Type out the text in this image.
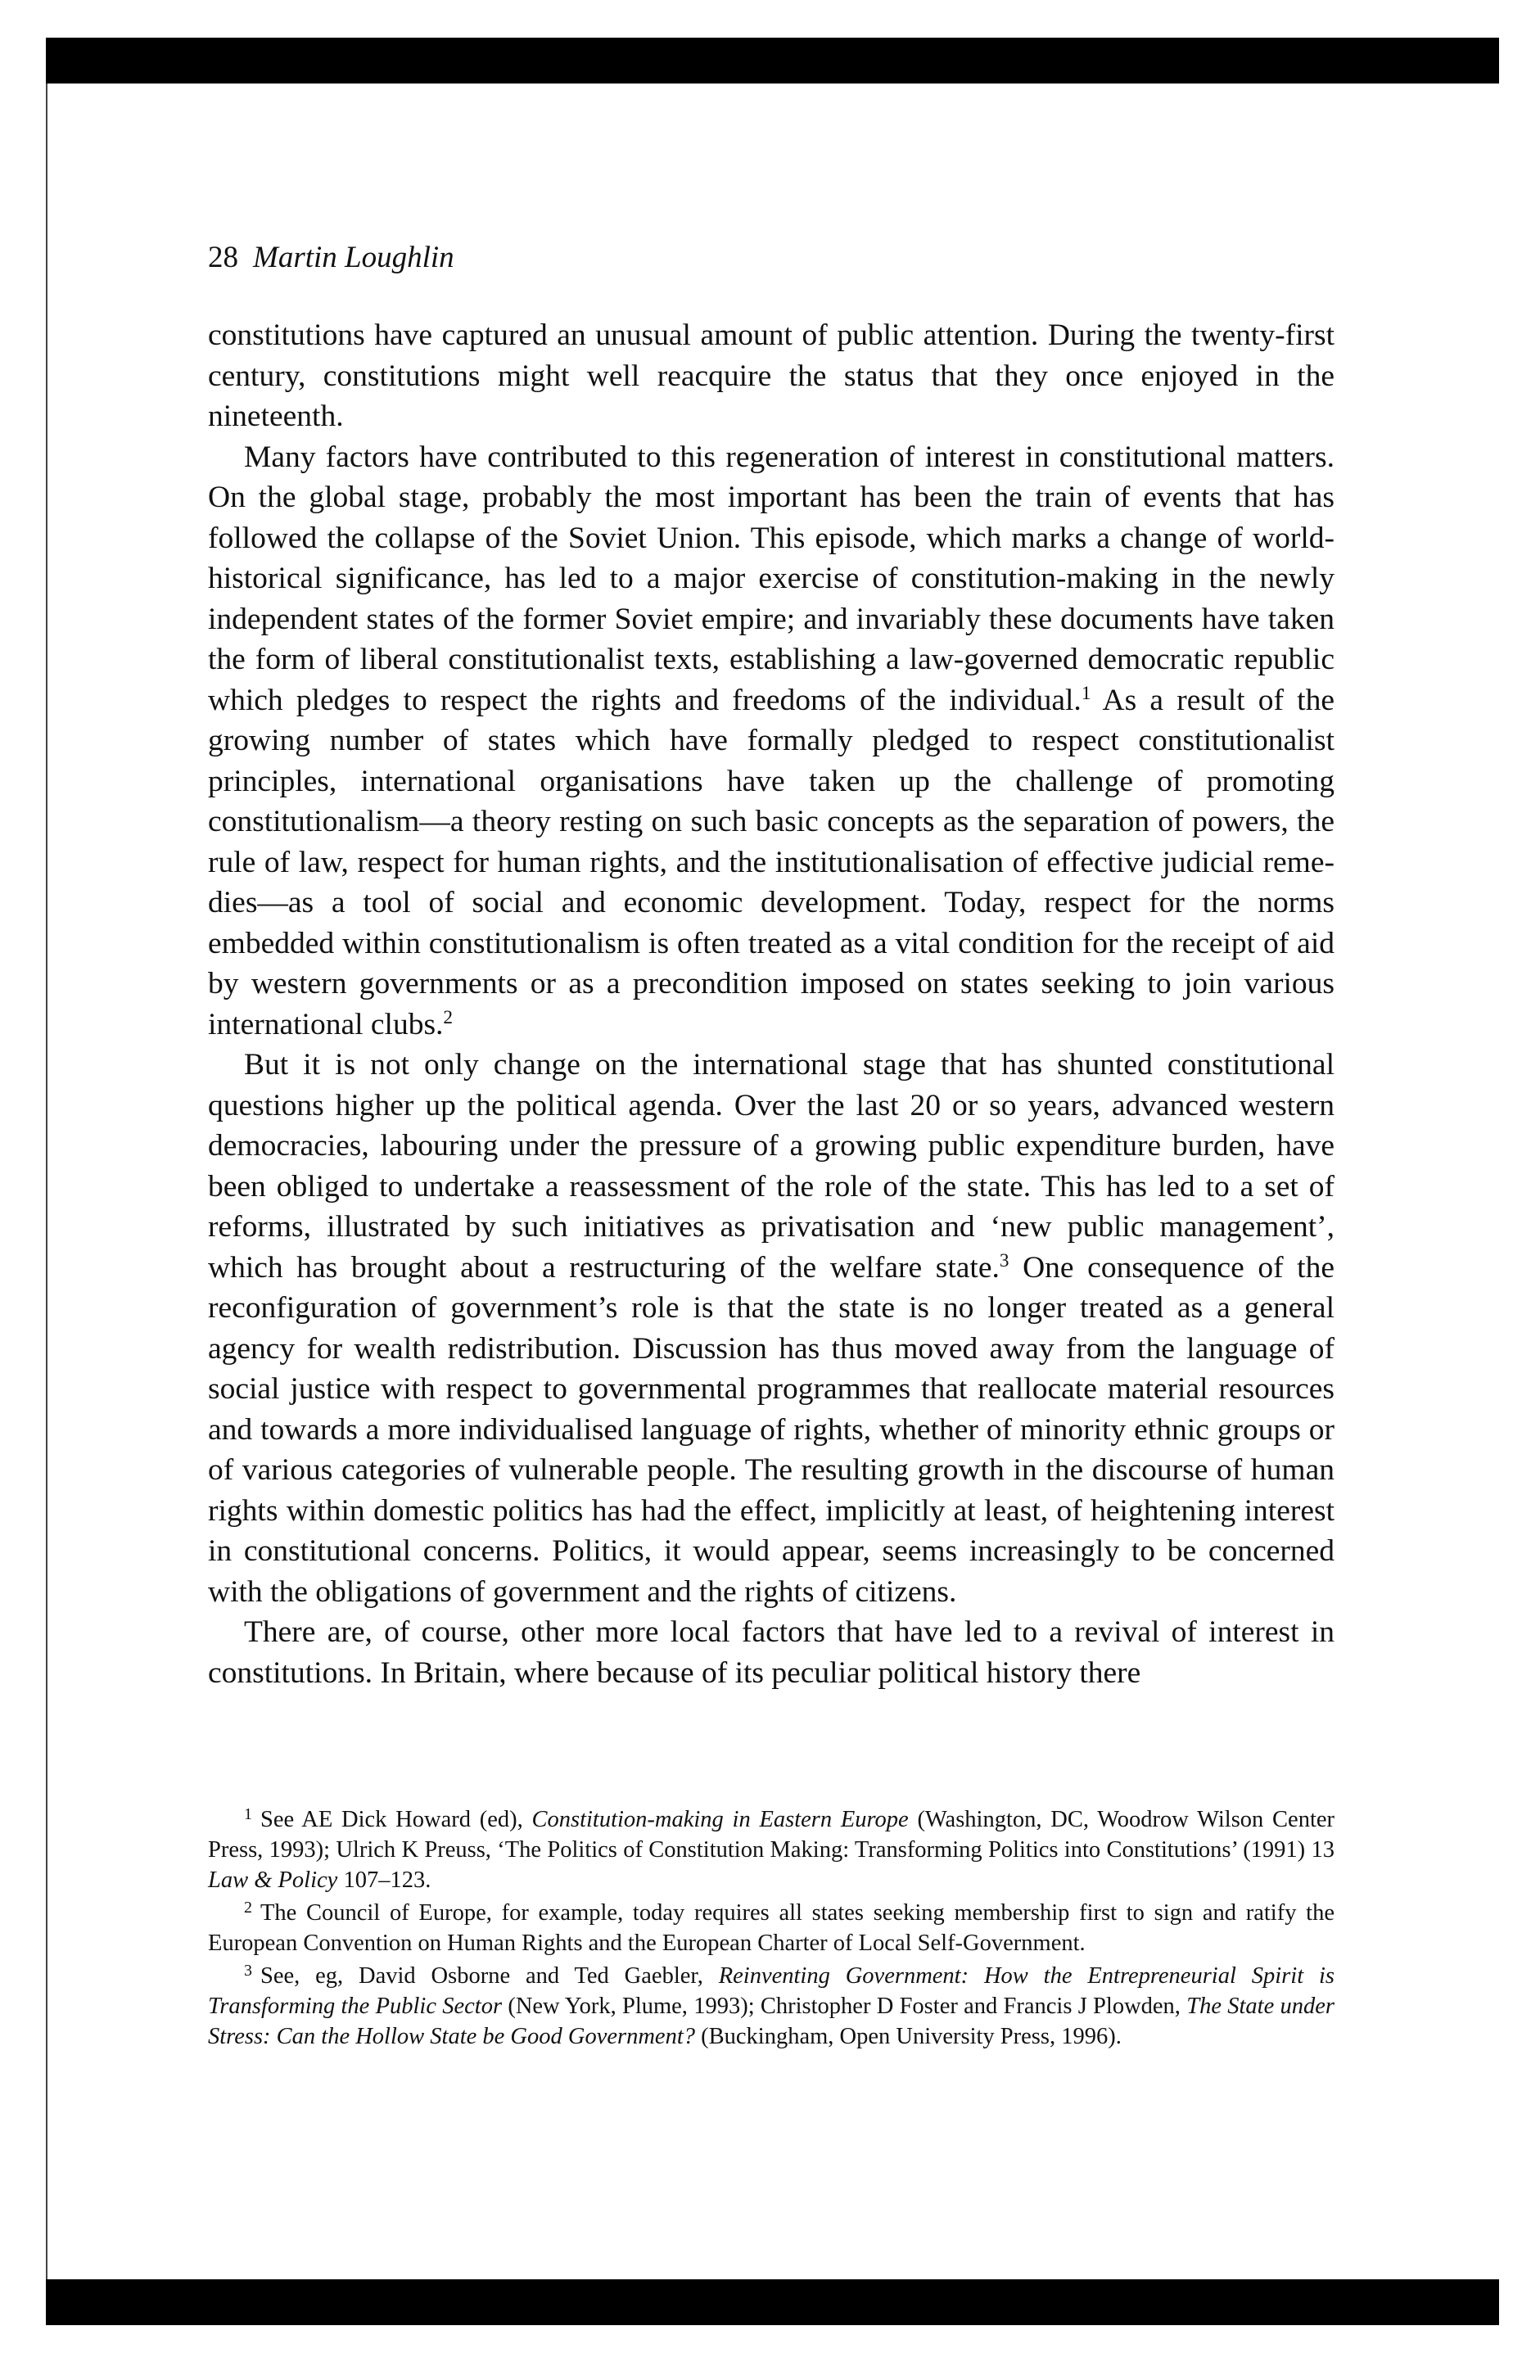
28 Martin Loughlin

constitutions have captured an unusual amount of public attention. During the twenty-first century, constitutions might well reacquire the status that they once enjoyed in the nineteenth.

Many factors have contributed to this regeneration of interest in constitutional matters. On the global stage, probably the most important has been the train of events that has followed the collapse of the Soviet Union. This episode, which marks a change of world-historical significance, has led to a major exercise of constitution-making in the newly independent states of the former Soviet empire; and invariably these documents have taken the form of liberal constitutionalist texts, establishing a law-governed democratic republic which pledges to respect the rights and freedoms of the individual.$^1$ As a result of the growing number of states which have formally pledged to respect constitutionalist principles, international organisations have taken up the challenge of promoting constitutionalism—a theory resting on such basic concepts as the separation of powers, the rule of law, respect for human rights, and the institutionalisation of effective judicial remedies—as a tool of social and economic development. Today, respect for the norms embedded within constitutionalism is often treated as a vital condition for the receipt of aid by western governments or as a precondition imposed on states seeking to join various international clubs.$^2$

But it is not only change on the international stage that has shunted constitutional questions higher up the political agenda. Over the last 20 or so years, advanced western democracies, labouring under the pressure of a growing public expenditure burden, have been obliged to undertake a reassessment of the role of the state. This has led to a set of reforms, illustrated by such initiatives as privatisation and ‘new public management’, which has brought about a restructuring of the welfare state.$^3$ One consequence of the reconfiguration of government’s role is that the state is no longer treated as a general agency for wealth redistribution. Discussion has thus moved away from the language of social justice with respect to governmental programmes that reallocate material resources and towards a more individualised language of rights, whether of minority ethnic groups or of various categories of vulnerable people. The resulting growth in the discourse of human rights within domestic politics has had the effect, implicitly at least, of heightening interest in constitutional concerns. Politics, it would appear, seems increasingly to be concerned with the obligations of government and the rights of citizens.

There are, of course, other more local factors that have led to a revival of interest in constitutions. In Britain, where because of its peculiar political history there

$^1$ See AE Dick Howard (ed), Constitution-making in Eastern Europe (Washington, DC, Woodrow Wilson Center Press, 1993); Ulrich K Preuss, ‘The Politics of Constitution Making: Transforming Politics into Constitutions’ (1991) 13 Law & Policy 107–123.

$^2$ The Council of Europe, for example, today requires all states seeking membership first to sign and ratify the European Convention on Human Rights and the European Charter of Local Self-Government.

$^3$ See, eg, David Osborne and Ted Gaebler, Reinventing Government: How the Entrepreneurial Spirit is Transforming the Public Sector (New York, Plume, 1993); Christopher D Foster and Francis J Plowden, The State under Stress: Can the Hollow State be Good Government? (Buckingham, Open University Press, 1996).
